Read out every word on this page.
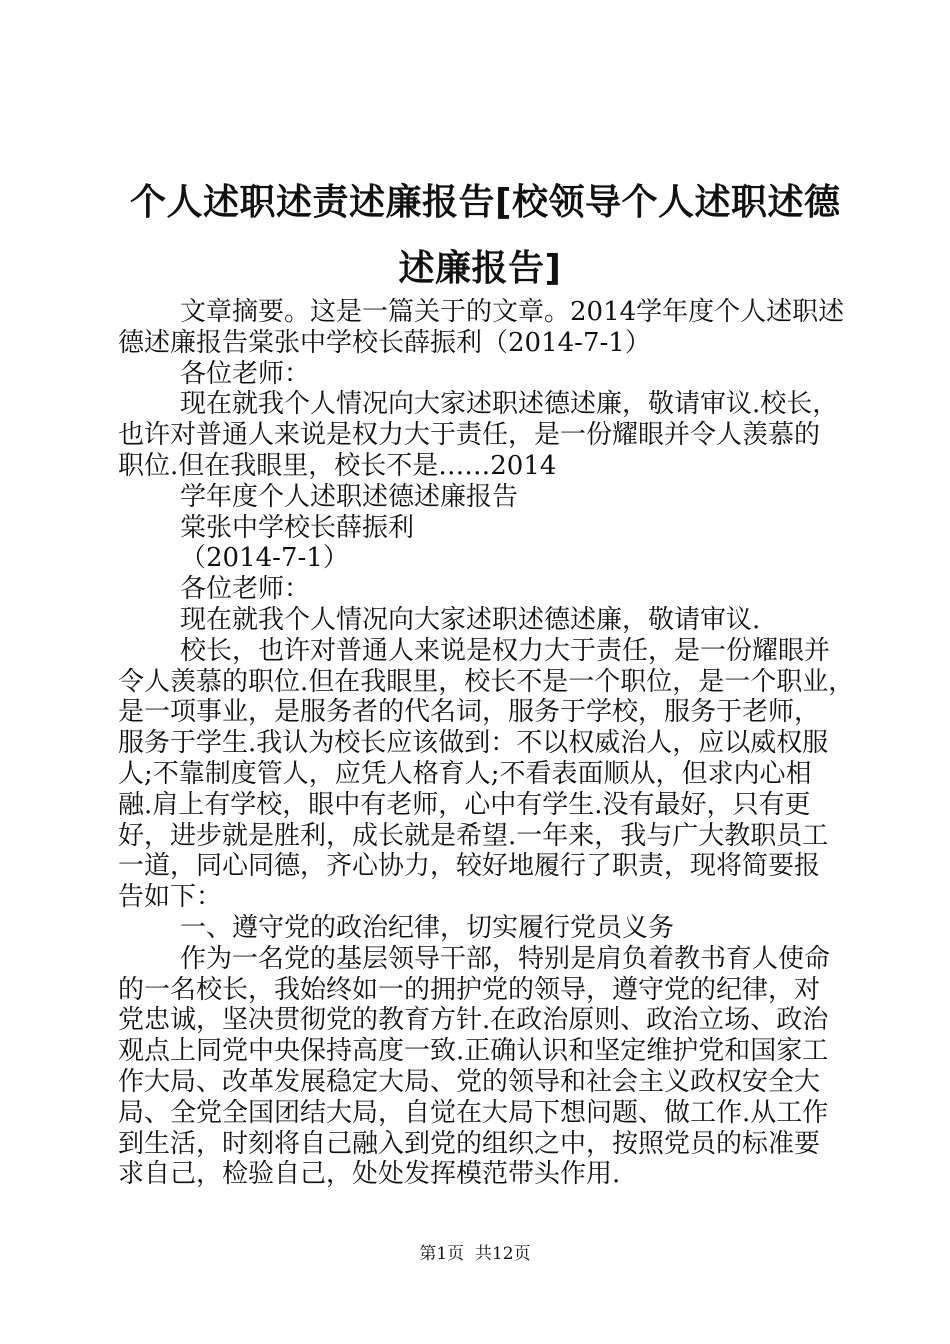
个人述职述责述廉报告[校领导个人述职述德
述廉报告]

文章摘要。这是一篇关于的文章。2014学年度个人述职述

德述廉报告棠张中学校长薛振利（2014-7-1）

各位老师：

现在就我个人情况向大家述职述德述廉，敬请审议.校长，

也许对普通人来说是权力大于责任，是一份耀眼并令人羡慕的

职位.但在我眼里，校长不是……2014

学年度个人述职述德述廉报告

棠张中学校长薛振利

（2014-7-1）

各位老师：

现在就我个人情况向大家述职述德述廉，敬请审议.

校长，也许对普通人来说是权力大于责任，是一份耀眼并

令人羡慕的职位.但在我眼里，校长不是一个职位，是一个职业，

是一项事业，是服务者的代名词，服务于学校，服务于老师，

服务于学生.我认为校长应该做到：不以权威治人，应以威权服

人;不靠制度管人，应凭人格育人;不看表面顺从，但求内心相

融.肩上有学校，眼中有老师，心中有学生.没有最好，只有更

好，进步就是胜利，成长就是希望.一年来，我与广大教职员工

一道，同心同德，齐心协力，较好地履行了职责，现将简要报

告如下：

一、遵守党的政治纪律，切实履行党员义务

作为一名党的基层领导干部，特别是肩负着教书育人使命

的一名校长，我始终如一的拥护党的领导，遵守党的纪律，对

党忠诚，坚决贯彻党的教育方针.在政治原则、政治立场、政治

观点上同党中央保持高度一致.正确认识和坚定维护党和国家工

作大局、改革发展稳定大局、党的领导和社会主义政权安全大

局、全党全国团结大局，自觉在大局下想问题、做工作.从工作

到生活，时刻将自己融入到党的组织之中，按照党员的标准要

求自己，检验自己，处处发挥模范带头作用.

第1页  共12页
